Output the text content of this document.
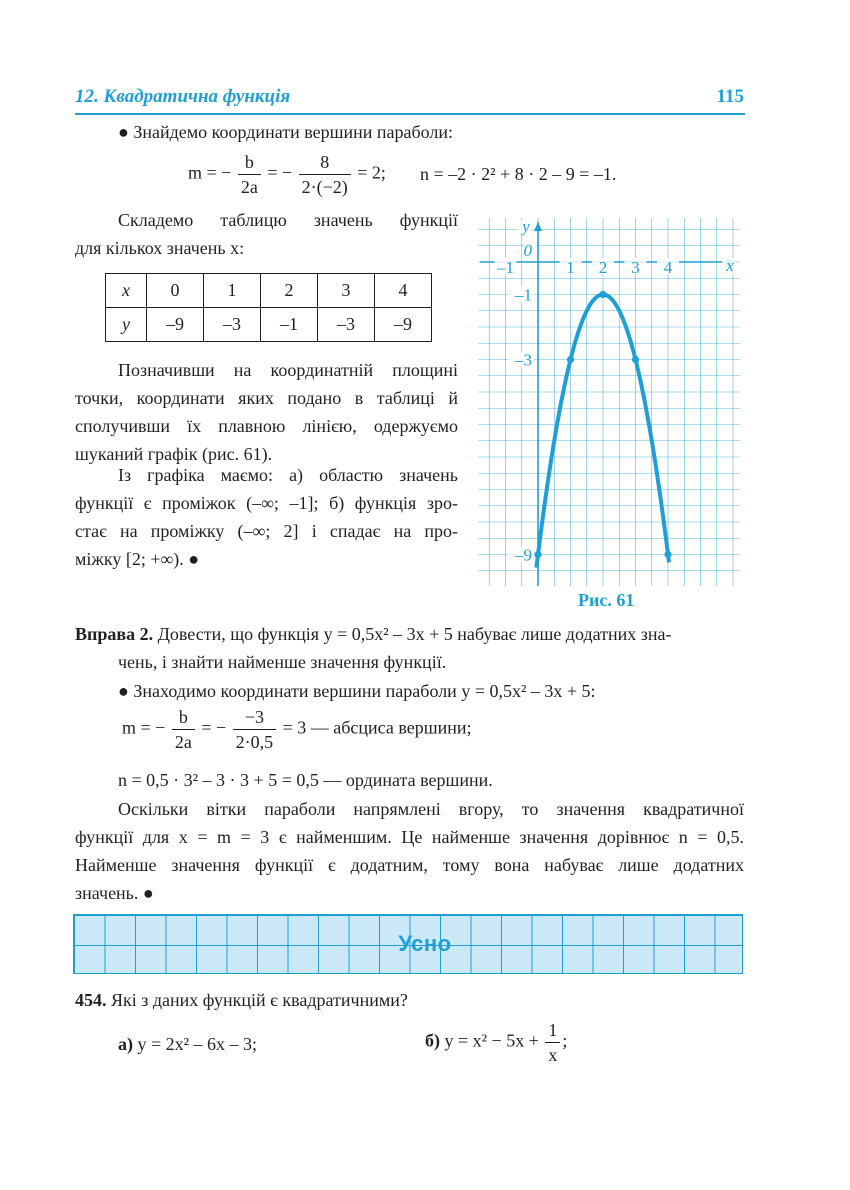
12. Квадратична функція	115
● Знайдемо координати вершини параболи:
m = − $\frac{b}{2a}$ = − $\frac{8}{2\cdot(-2)} = 2$; n = –2 · 2² + 8 · 2 – 9 = –1.
Складемо таблицю значень функції
для кількох значень x:
x	0	1	2	3	4
y	–9	–3	–1	–3	–9
Позначивши на координатній площині
точки, координати яких подано в таблиці й
сполучивши їх плавною лінією, одержуємо
шуканий графік (рис. 61).
Із графіка маємо: а) областю значень
функції є проміжок (–∞; –1]; б) функція зро-
стає на проміжку (–∞; 2] і спадає на про-
міжку [2; +∞). ●
–1	1 2 3 4
–1
–3
–9
0
x
y
Рис. 61
Вправа 2. Довести, що функція y = 0,5x² – 3x + 5 набуває лише додатних зна-
чень, і знайти найменше значення функції.
● Знаходимо координати вершини параболи y = 0,5x² – 3x + 5:
m = − $\frac{b}{2a}$ = − $\frac{-3}{2\cdot 0,5} = 3$ — абсциса вершини;
n = 0,5 · 3² – 3 · 3 + 5 = 0,5 — ордината вершини.
Оскільки вітки параболи напрямлені вгору, то значення квадратичної
функції для x = m = 3 є найменшим. Це найменше значення дорівнює n = 0,5.
Найменше значення функції є додатним, тому вона набуває лише додатних
значень. ●
Усно
454. Які з даних функцій є квадратичними?
а) y = 2x² – 6x – 3;	б) $y = x^2 - 5x + \frac{1}{x}$ ;
